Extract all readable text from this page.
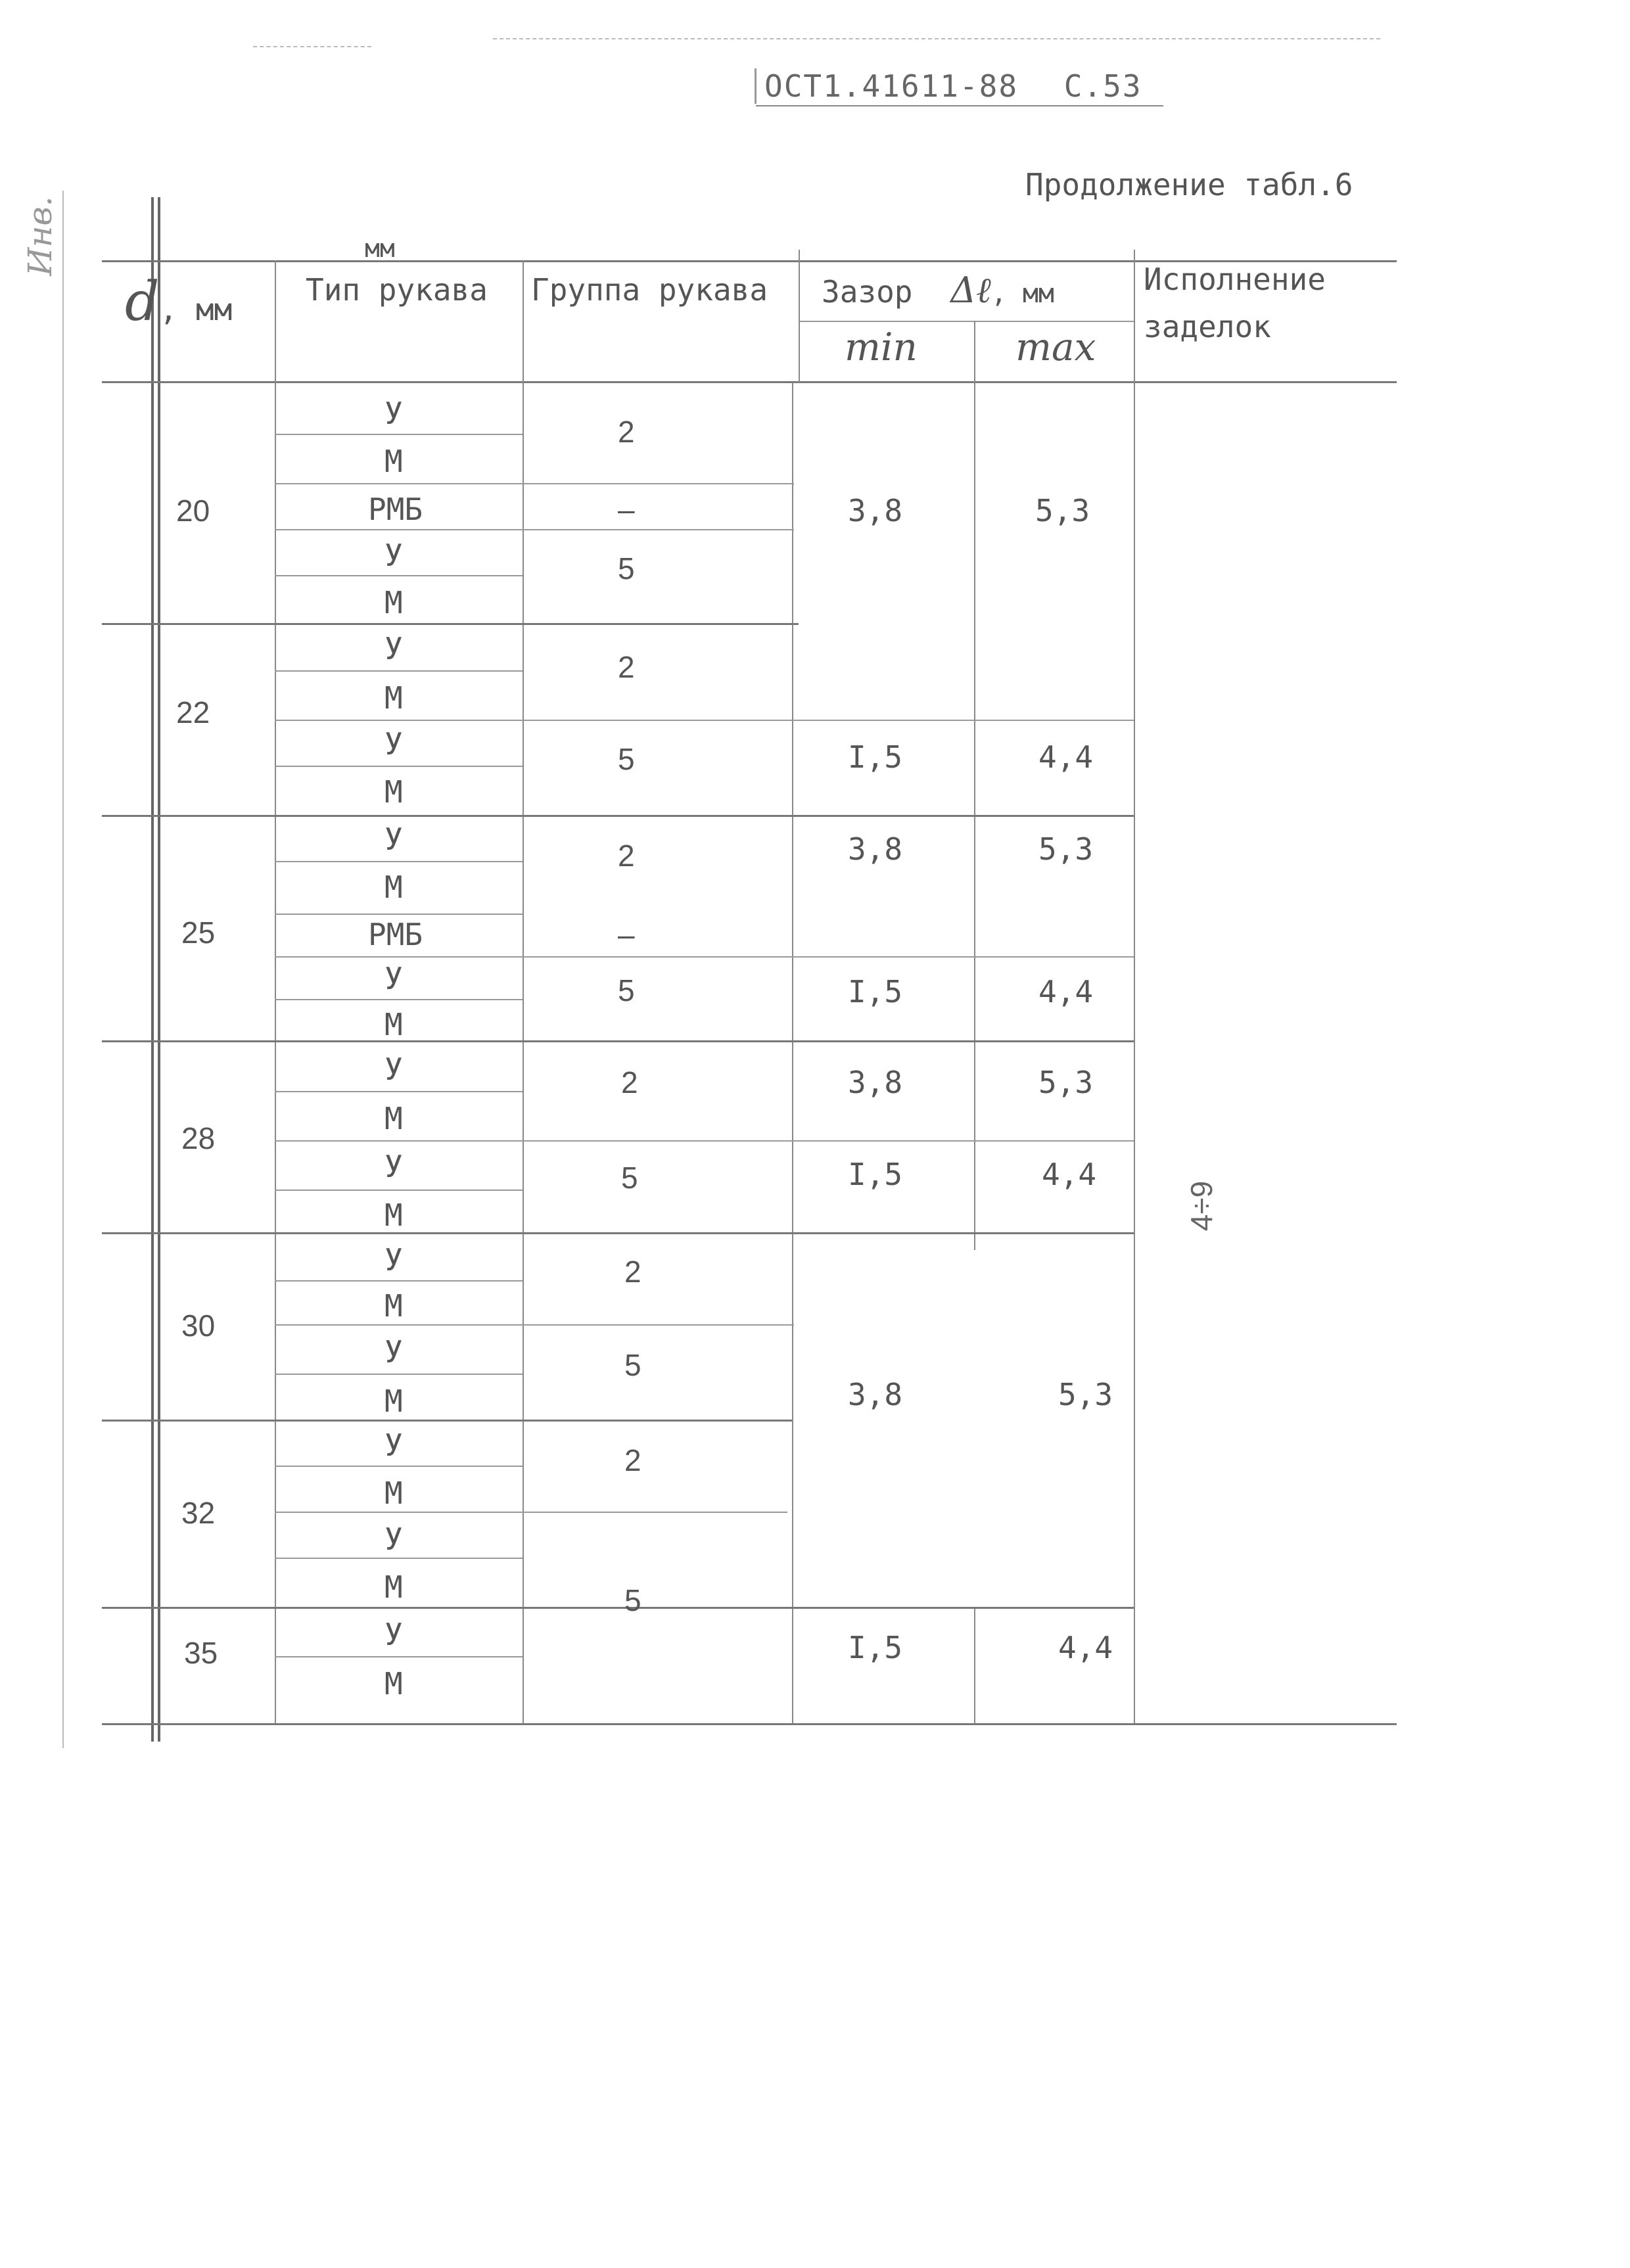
ОСТ1.41611-88 С.53
Продолжение табл.6
Инв.
d, мм
мм
Тип рукава Группа рукава Зазор Δℓ, мм
min	max
Исполнение
заделок
20
22
25
28
30
32
35
У
М
РМБ
У
М
У
М
У
М
У
М
РМБ
У
М
У
М
У
М
У
М
У
М
У
М
У
М
У
М
2
–
5
2
5
2
–
5
2
5
2
5
2
5
3,8
I,5
3,8
I,5
3,8
I,5
3,8
I,5
5,3
4,4
5,3
4,4
5,3
4,4
5,3
4,4
4÷9
